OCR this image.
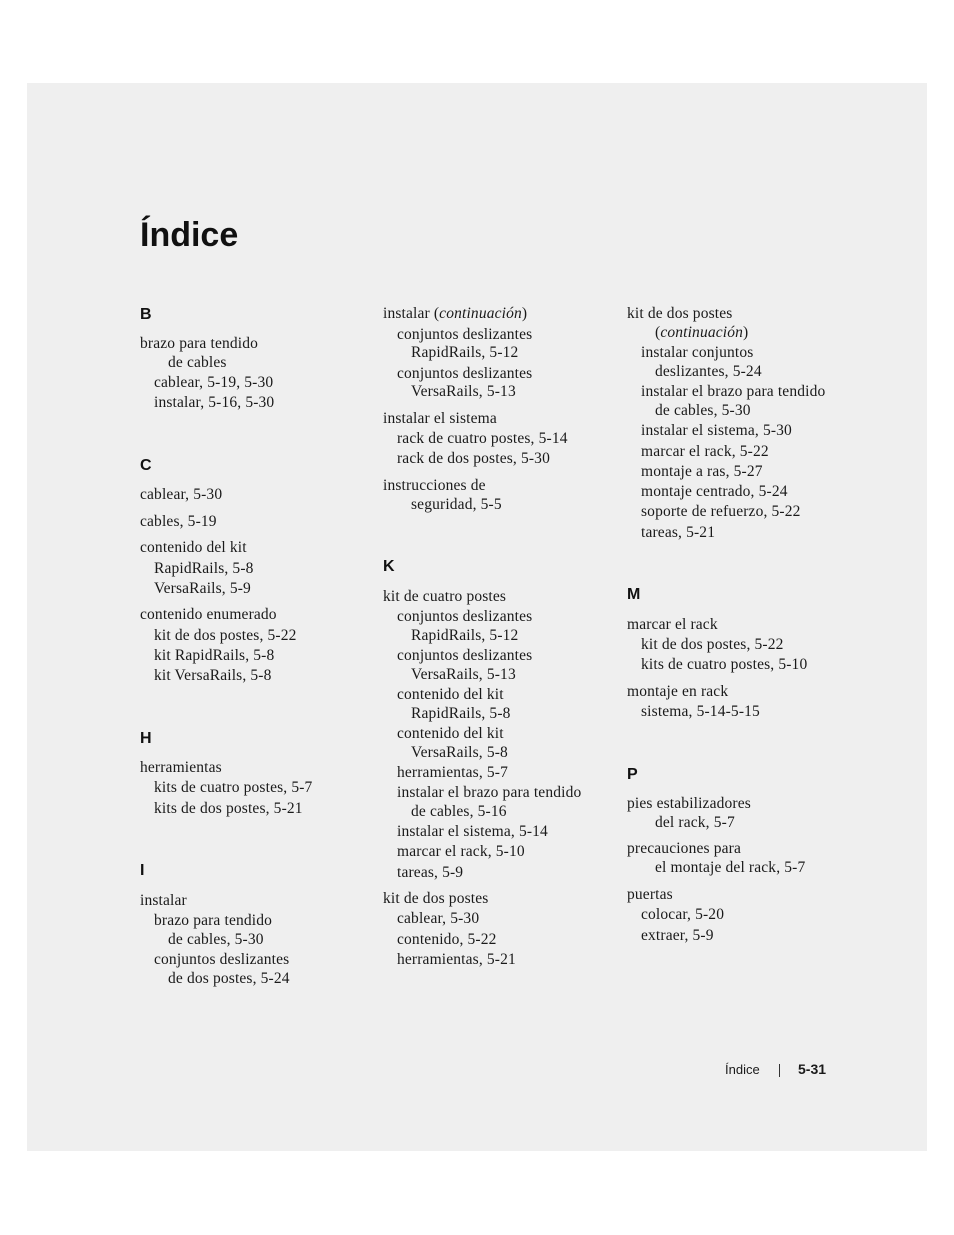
Índice
B
brazo para tendido
de cables
cablear, 5-19, 5-30
instalar, 5-16, 5-30
C
cablear, 5-30
cables, 5-19
contenido del kit
RapidRails, 5-8
VersaRails, 5-9
contenido enumerado
kit de dos postes, 5-22
kit RapidRails, 5-8
kit VersaRails, 5-8
H
herramientas
kits de cuatro postes, 5-7
kits de dos postes, 5-21
I
instalar
brazo para tendido
de cables, 5-30
conjuntos deslizantes
de dos postes, 5-24
instalar (continuación)
conjuntos deslizantes
RapidRails, 5-12
conjuntos deslizantes
VersaRails, 5-13
instalar el sistema
rack de cuatro postes, 5-14
rack de dos postes, 5-30
instrucciones de
seguridad, 5-5
K
kit de cuatro postes
conjuntos deslizantes
RapidRails, 5-12
conjuntos deslizantes
VersaRails, 5-13
contenido del kit
RapidRails, 5-8
contenido del kit
VersaRails, 5-8
herramientas, 5-7
instalar el brazo para tendido
de cables, 5-16
instalar el sistema, 5-14
marcar el rack, 5-10
tareas, 5-9
kit de dos postes
cablear, 5-30
contenido, 5-22
herramientas, 5-21
kit de dos postes
(continuación)
instalar conjuntos
deslizantes, 5-24
instalar el brazo para tendido
de cables, 5-30
instalar el sistema, 5-30
marcar el rack, 5-22
montaje a ras, 5-27
montaje centrado, 5-24
soporte de refuerzo, 5-22
tareas, 5-21
M
marcar el rack
kit de dos postes, 5-22
kits de cuatro postes, 5-10
montaje en rack
sistema, 5-14-5-15
P
pies estabilizadores
del rack, 5-7
precauciones para
el montaje del rack, 5-7
puertas
colocar, 5-20
extraer, 5-9
Índice	5-31
